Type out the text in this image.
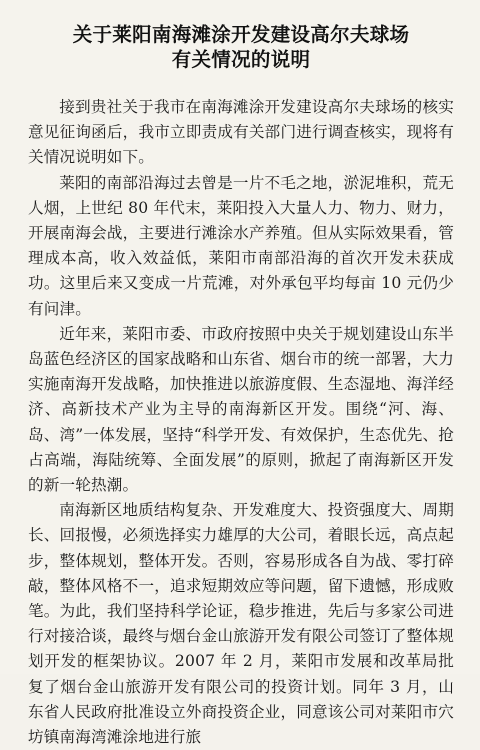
关于莱阳南海滩涂开发建设高尔夫球场
有关情况的说明

接到贵社关于我市在南海滩涂开发建设高尔夫球场的核实意见征询函后，我市立即责成有关部门进行调查核实，现将有关情况说明如下。

莱阳的南部沿海过去曾是一片不毛之地，淤泥堆积，荒无人烟，上世纪 80 年代末，莱阳投入大量人力、物力、财力，开展南海会战，主要进行滩涂水产养殖。但从实际效果看，管理成本高，收入效益低，莱阳市南部沿海的首次开发未获成功。这里后来又变成一片荒滩，对外承包平均每亩 10 元仍少有问津。

近年来，莱阳市委、市政府按照中央关于规划建设山东半岛蓝色经济区的国家战略和山东省、烟台市的统一部署，大力实施南海开发战略，加快推进以旅游度假、生态湿地、海洋经济、高新技术产业为主导的南海新区开发。围绕“河、海、岛、湾”一体发展，坚持“科学开发、有效保护，生态优先、抢占高端，海陆统筹、全面发展”的原则，掀起了南海新区开发的新一轮热潮。

南海新区地质结构复杂、开发难度大、投资强度大、周期长、回报慢，必须选择实力雄厚的大公司，着眼长远，高点起步，整体规划，整体开发。否则，容易形成各自为战、零打碎敲，整体风格不一，追求短期效应等问题，留下遗憾，形成败笔。为此，我们坚持科学论证，稳步推进，先后与多家公司进行对接洽谈，最终与烟台金山旅游开发有限公司签订了整体规划开发的框架协议。2007 年 2 月，莱阳市发展和改革局批复了烟台金山旅游开发有限公司的投资计划。同年 3 月，山东省人民政府批准设立外商投资企业，同意该公司对莱阳市穴坊镇南海湾滩涂地进行旅
